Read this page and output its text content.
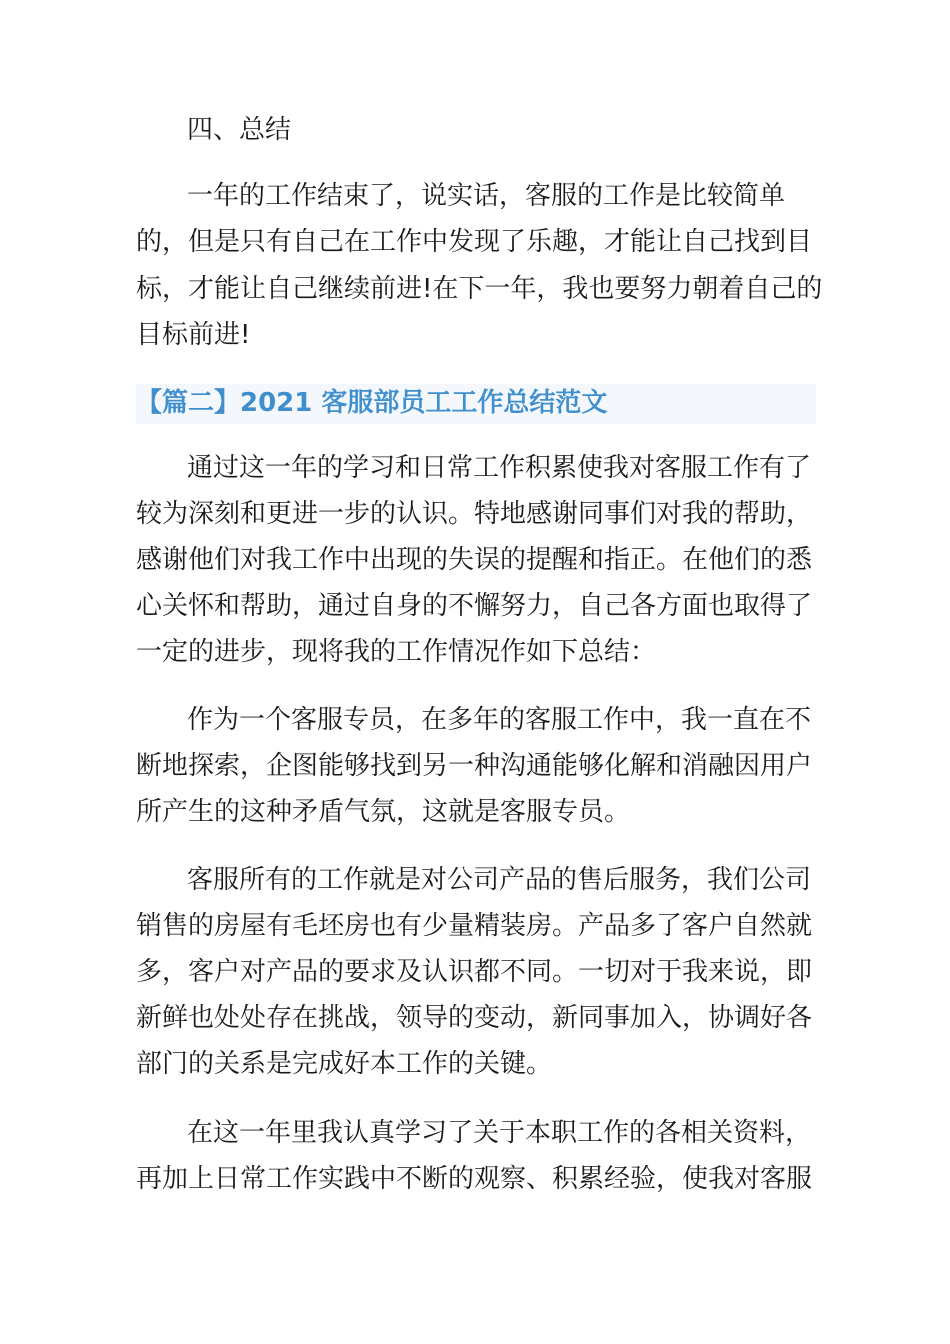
四、总结
一年的工作结束了，说实话，客服的工作是比较简单
的，但是只有自己在工作中发现了乐趣，才能让自己找到目
标，才能让自己继续前进!在下一年，我也要努力朝着自己的
目标前进!
【篇二】2021 客服部员工工作总结范文
通过这一年的学习和日常工作积累使我对客服工作有了
较为深刻和更进一步的认识。特地感谢同事们对我的帮助，
感谢他们对我工作中出现的失误的提醒和指正。在他们的悉
心关怀和帮助，通过自身的不懈努力，自己各方面也取得了
一定的进步，现将我的工作情况作如下总结：
作为一个客服专员，在多年的客服工作中，我一直在不
断地探索，企图能够找到另一种沟通能够化解和消融因用户
所产生的这种矛盾气氛，这就是客服专员。
客服所有的工作就是对公司产品的售后服务，我们公司
销售的房屋有毛坯房也有少量精装房。产品多了客户自然就
多，客户对产品的要求及认识都不同。一切对于我来说，即
新鲜也处处存在挑战，领导的变动，新同事加入，协调好各
部门的关系是完成好本工作的关键。
在这一年里我认真学习了关于本职工作的各相关资料，
再加上日常工作实践中不断的观察、积累经验，使我对客服
